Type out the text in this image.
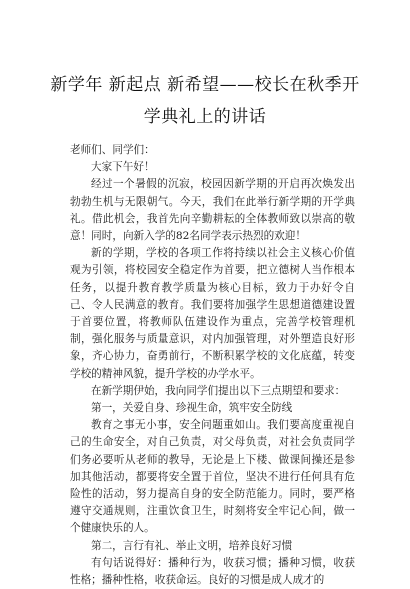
新学年 新起点 新希望——校长在秋季开
学典礼上的讲话

老师们、同学们：

大家下午好！

经过一个暑假的沉寂，校园因新学期的开启再次焕发出勃勃生机与无限朝气。今天，我们在此举行新学期的开学典礼。借此机会，我首先向辛勤耕耘的全体教师致以崇高的敬意！同时，向新入学的82名同学表示热烈的欢迎！

新的学期，学校的各项工作将持续以社会主义核心价值观为引领，将校园安全稳定作为首要，把立德树人当作根本任务，以提升教育教学质量为核心目标，致力于办好令自己、令人民满意的教育。我们要将加强学生思想道德建设置于首要位置，将教师队伍建设作为重点，完善学校管理机制，强化服务与质量意识，对内加强管理，对外塑造良好形象，齐心协力，奋勇前行，不断积累学校的文化底蕴，转变学校的精神风貌，提升学校的办学水平。

在新学期伊始，我向同学们提出以下三点期望和要求：

第一，关爱自身、珍视生命，筑牢安全防线

教育之事无小事，安全问题重如山。我们要高度重视自己的生命安全，对自己负责，对父母负责，对社会负责同学们务必要听从老师的教导，无论是上下楼、做课间操还是参加其他活动，都要将安全置于首位，坚决不进行任何具有危险性的活动，努力提高自身的安全防范能力。同时，要严格遵守交通规则，注重饮食卫生，时刻将安全牢记心间，做一个健康快乐的人。

第二，言行有礼、举止文明，培养良好习惯

有句话说得好：播种行为，收获习惯；播种习惯，收获性格；播种性格，收获命运。良好的习惯是成人成才的
